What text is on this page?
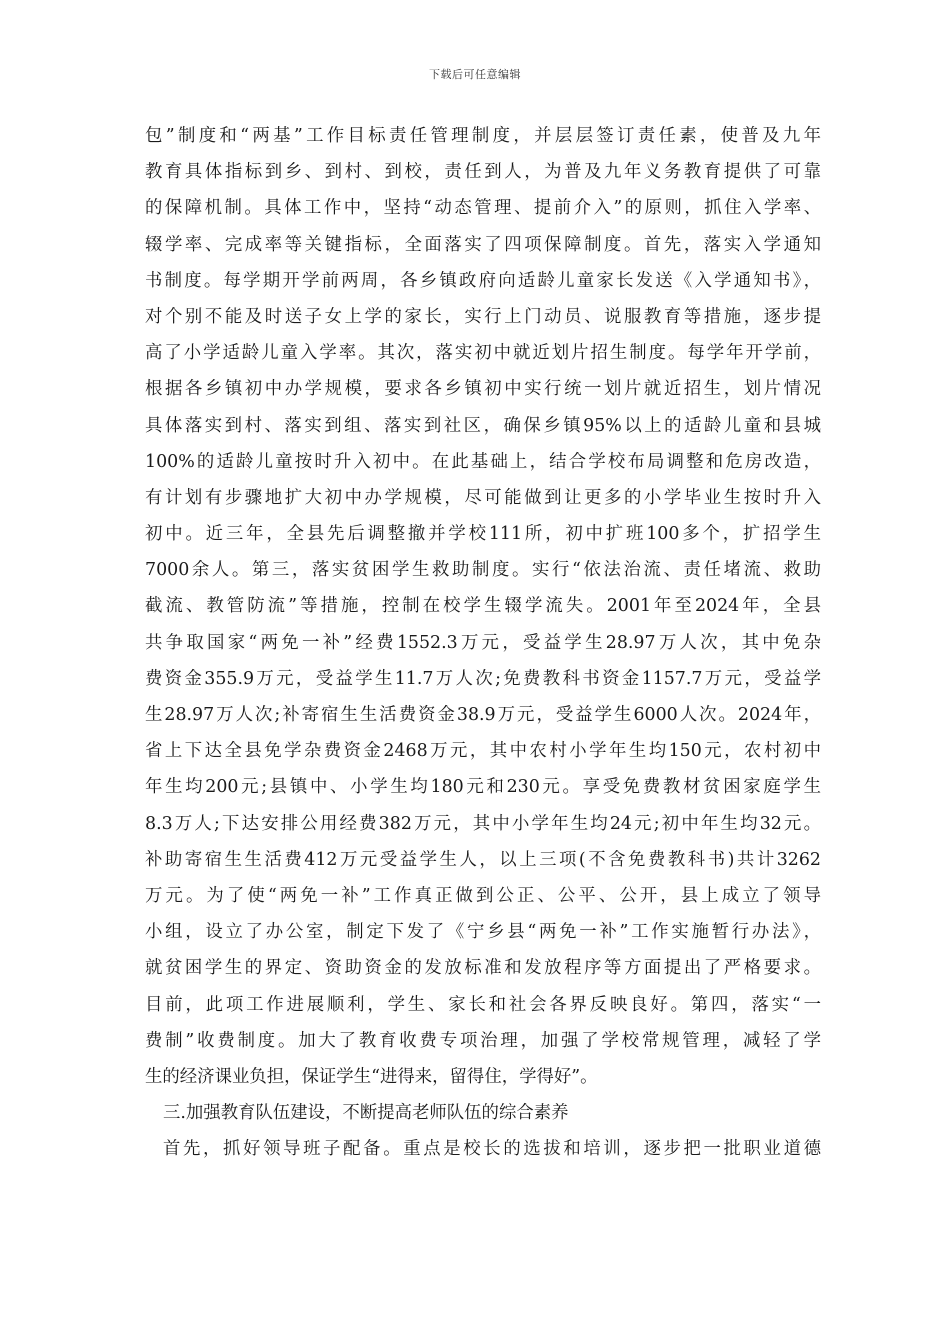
下载后可任意编辑
包”制度和“两基”工作目标责任管理制度，并层层签订责任素，使普及九年
教育具体指标到乡、到村、到校，责任到人，为普及九年义务教育提供了可靠
的保障机制。具体工作中，坚持“动态管理、提前介入”的原则，抓住入学率、
辍学率、完成率等关键指标，全面落实了四项保障制度。首先，落实入学通知
书制度。每学期开学前两周，各乡镇政府向适龄儿童家长发送《入学通知书》，
对个别不能及时送子女上学的家长，实行上门动员、说服教育等措施，逐步提
高了小学适龄儿童入学率。其次，落实初中就近划片招生制度。每学年开学前，
根据各乡镇初中办学规模，要求各乡镇初中实行统一划片就近招生，划片情况
具体落实到村、落实到组、落实到社区，确保乡镇95%以上的适龄儿童和县城
100%的适龄儿童按时升入初中。在此基础上，结合学校布局调整和危房改造，
有计划有步骤地扩大初中办学规模，尽可能做到让更多的小学毕业生按时升入
初中。近三年，全县先后调整撤并学校111所，初中扩班100多个，扩招学生
7000余人。第三，落实贫困学生救助制度。实行“依法治流、责任堵流、救助
截流、教管防流”等措施，控制在校学生辍学流失。2001年至2024年，全县
共争取国家“两免一补”经费1552.3万元，受益学生28.97万人次，其中免杂
费资金355.9万元，受益学生11.7万人次;免费教科书资金1157.7万元，受益学
生28.97万人次;补寄宿生生活费资金38.9万元，受益学生6000人次。2024年，
省上下达全县免学杂费资金2468万元，其中农村小学年生均150元，农村初中
年生均200元;县镇中、小学生均180元和230元。享受免费教材贫困家庭学生
8.3万人;下达安排公用经费382万元，其中小学年生均24元;初中年生均32元。
补助寄宿生生活费412万元受益学生人，以上三项(不含免费教科书)共计3262
万元。为了使“两免一补”工作真正做到公正、公平、公开，县上成立了领导
小组，设立了办公室，制定下发了《宁乡县“两免一补”工作实施暂行办法》，
就贫困学生的界定、资助资金的发放标准和发放程序等方面提出了严格要求。
目前，此项工作进展顺利，学生、家长和社会各界反映良好。第四，落实“一
费制”收费制度。加大了教育收费专项治理，加强了学校常规管理，减轻了学
生的经济课业负担，保证学生“进得来，留得住，学得好”。
三.加强教育队伍建设，不断提高老师队伍的综合素养
首先，抓好领导班子配备。重点是校长的选拔和培训，逐步把一批职业道德
